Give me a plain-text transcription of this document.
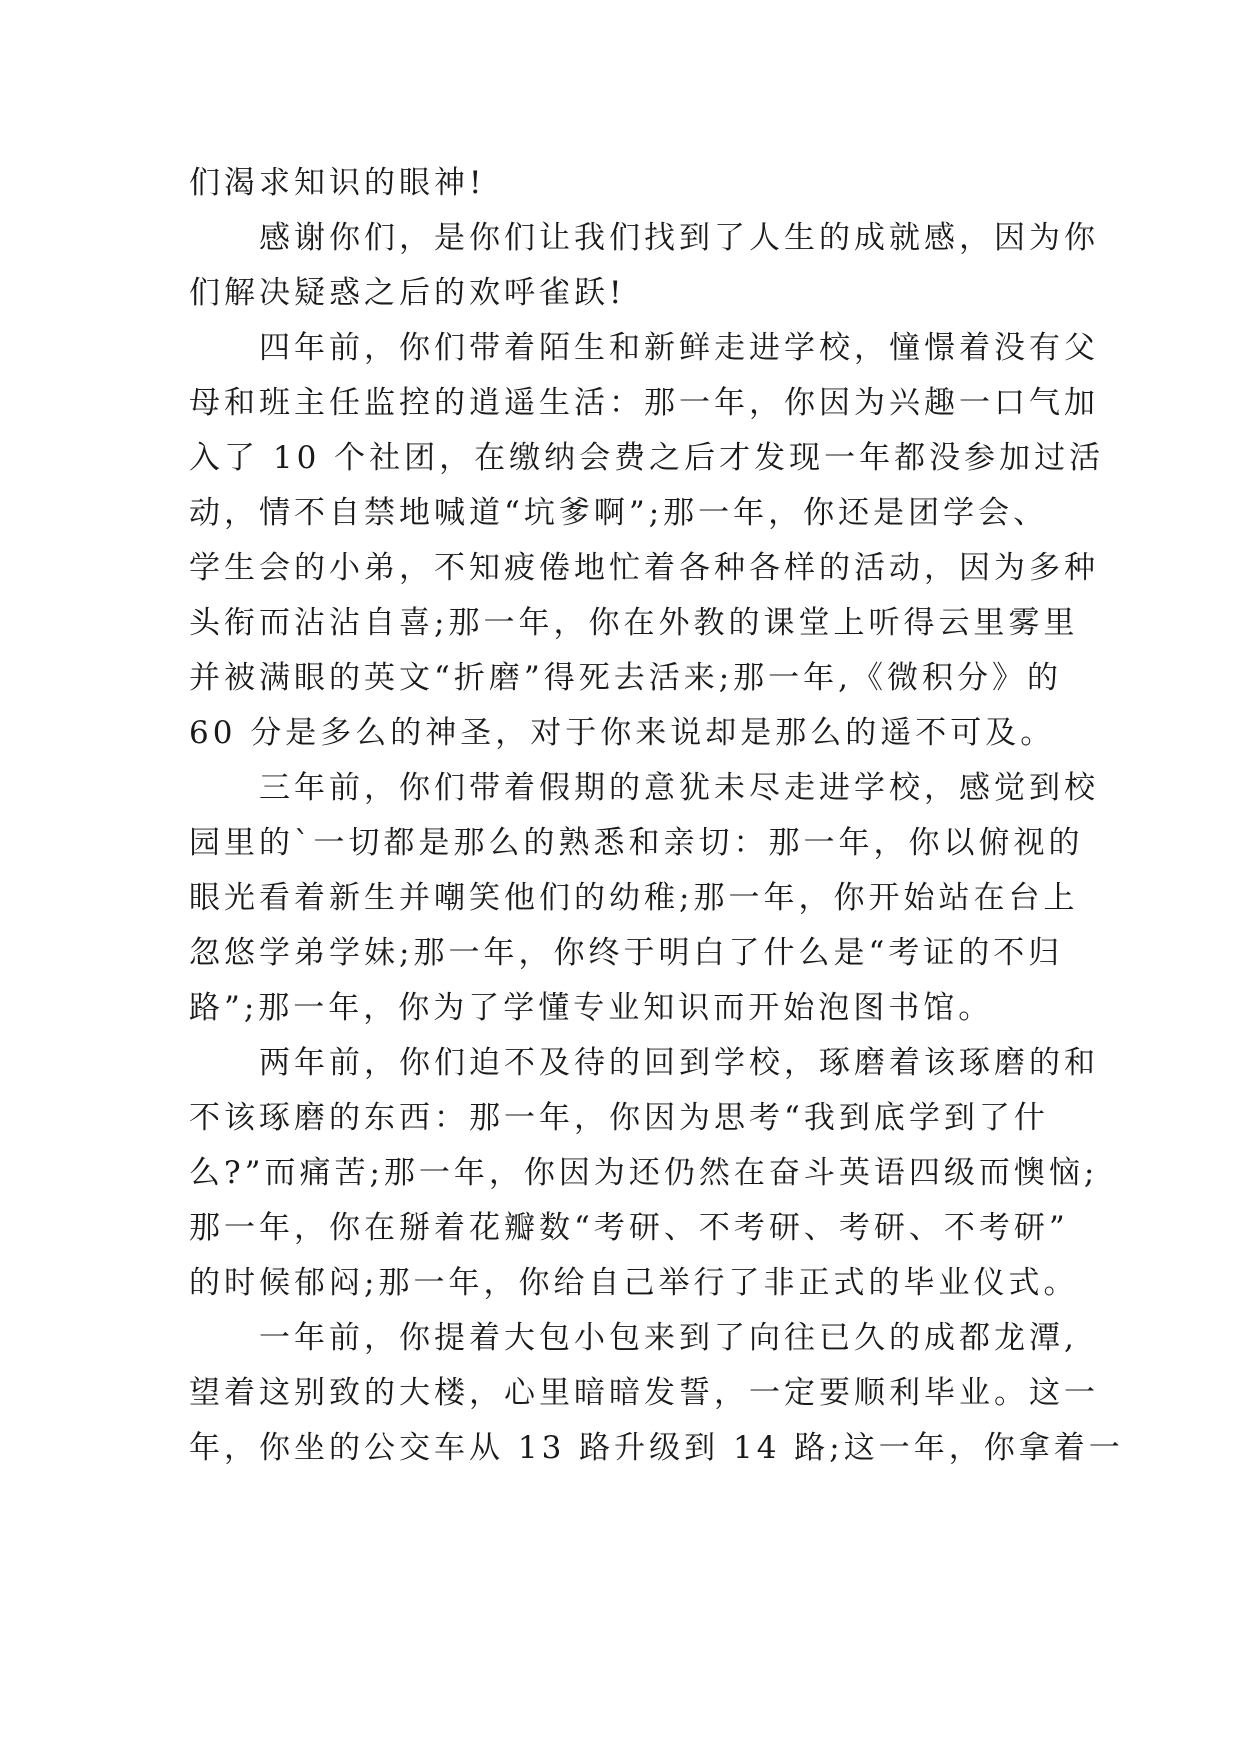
们渴求知识的眼神!
感谢你们，是你们让我们找到了人生的成就感，因为你
们解决疑惑之后的欢呼雀跃!
四年前，你们带着陌生和新鲜走进学校，憧憬着没有父
母和班主任监控的逍遥生活：那一年，你因为兴趣一口气加
入了 10 个社团，在缴纳会费之后才发现一年都没参加过活
动，情不自禁地喊道“坑爹啊”;那一年，你还是团学会、
学生会的小弟，不知疲倦地忙着各种各样的活动，因为多种
头衔而沾沾自喜;那一年，你在外教的课堂上听得云里雾里
并被满眼的英文“折磨”得死去活来;那一年,《微积分》的
60 分是多么的神圣，对于你来说却是那么的遥不可及。
三年前，你们带着假期的意犹未尽走进学校，感觉到校
园里的`一切都是那么的熟悉和亲切：那一年，你以俯视的
眼光看着新生并嘲笑他们的幼稚;那一年，你开始站在台上
忽悠学弟学妹;那一年，你终于明白了什么是“考证的不归
路”;那一年，你为了学懂专业知识而开始泡图书馆。
两年前，你们迫不及待的回到学校，琢磨着该琢磨的和
不该琢磨的东西：那一年，你因为思考“我到底学到了什
么?”而痛苦;那一年，你因为还仍然在奋斗英语四级而懊恼;
那一年，你在掰着花瓣数“考研、不考研、考研、不考研”
的时候郁闷;那一年，你给自己举行了非正式的毕业仪式。
一年前，你提着大包小包来到了向往已久的成都龙潭,
望着这别致的大楼，心里暗暗发誓，一定要顺利毕业。这一
年，你坐的公交车从 13 路升级到 14 路;这一年，你拿着一
